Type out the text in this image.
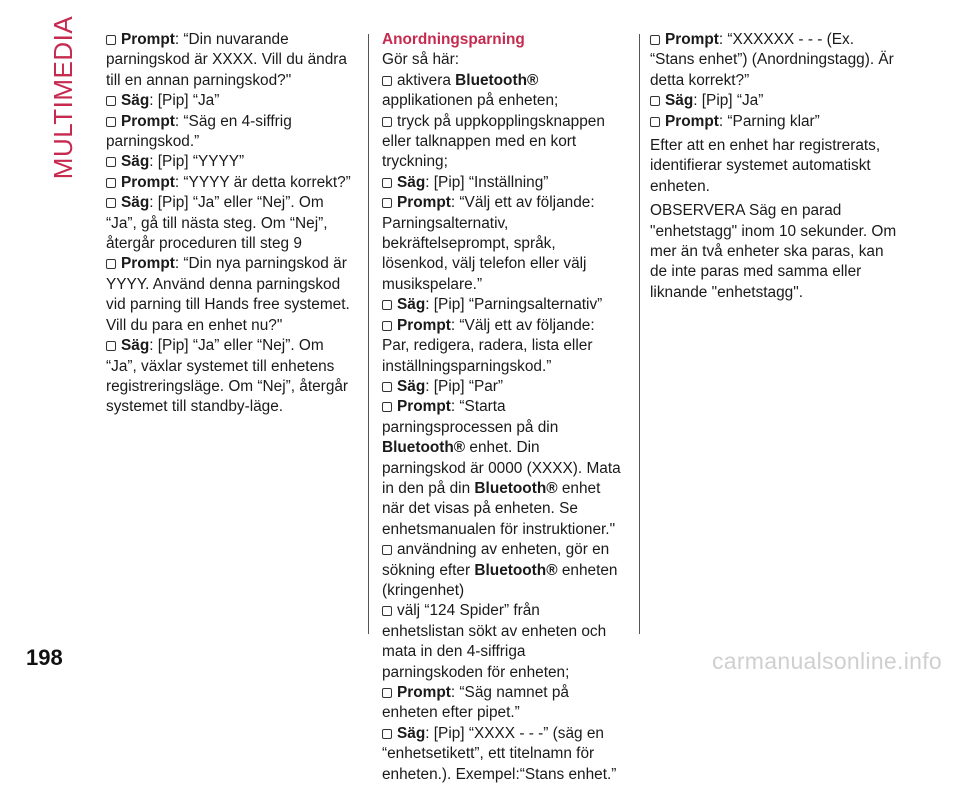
MULTIMEDIA	Prompt: “Din nuvarande parningskod är XXXX. Vill du ändra till en annan parningskod?"

Säg: [Pip] “Ja”

Prompt: “Säg en 4-siffrig parningskod.”

Säg: [Pip] “YYYY”

Prompt: “YYYY är detta korrekt?”

Säg: [Pip] “Ja” eller “Nej”. Om “Ja”, gå till nästa steg. Om “Nej”, återgår proceduren till steg 9

Prompt: “Din nya parningskod är YYYY. Använd denna parningskod vid parning till Hands free systemet. Vill du para en enhet nu?"

Säg: [Pip] “Ja” eller “Nej”. Om “Ja”, växlar systemet till enhetens registreringsläge. Om “Nej”, återgår systemet till standby-läge.

Anordningsparning

Gör så här:

aktivera Bluetooth® applikationen på enheten;

tryck på uppkopplingsknappen eller talknappen med en kort tryckning;

Säg: [Pip] “Inställning”

Prompt: “Välj ett av följande: Parningsalternativ, bekräftelseprompt, språk, lösenkod, välj telefon eller välj musikspelare.”

Säg: [Pip] “Parningsalternativ”

Prompt: “Välj ett av följande: Par, redigera, radera, lista eller inställningsparningskod.”

Säg: [Pip] “Par”

Prompt: “Starta parningsprocessen på din Bluetooth® enhet. Din parningskod är 0000 (XXXX). Mata in den på din Bluetooth® enhet när det visas på enheten. Se enhetsmanualen för instruktioner."

användning av enheten, gör en sökning efter Bluetooth® enheten (kringenhet)

välj “124 Spider” från enhetslistan sökt av enheten och mata in den 4-siffriga parningskoden för enheten;

Prompt: “Säg namnet på enheten efter pipet.”

Säg: [Pip] “XXXX - - -” (säg en “enhetsetikett”, ett titelnamn för enheten.). Exempel:“Stans enhet.”

Prompt: “XXXXXX - - - (Ex. “Stans enhet”) (Anordningstagg). Är detta korrekt?”

Säg: [Pip] “Ja”

Prompt: “Parning klar”

Efter att en enhet har registrerats, identifierar systemet automatiskt enheten.

OBSERVERA Säg en parad "enhetstagg" inom 10 sekunder. Om mer än två enheter ska paras, kan de inte paras med samma eller liknande "enhetstagg".

198	carmanualsonline.info
